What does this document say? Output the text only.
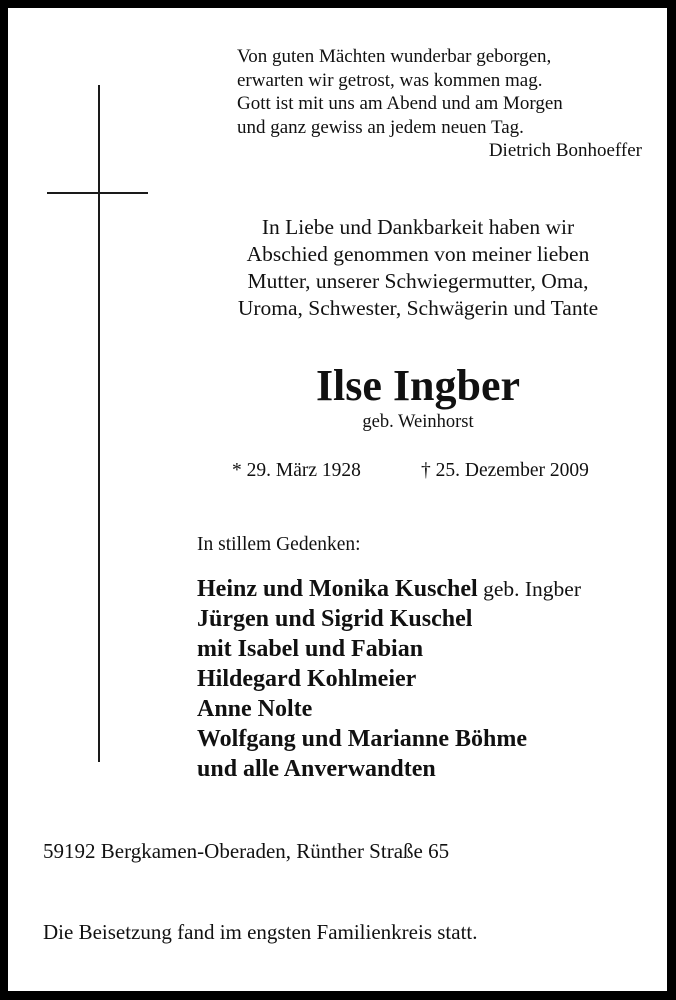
Von guten Mächten wunderbar geborgen,
erwarten wir getrost, was kommen mag.
Gott ist mit uns am Abend und am Morgen
und ganz gewiss an jedem neuen Tag.
Dietrich Bonhoeffer
In Liebe und Dankbarkeit haben wir
Abschied genommen von meiner lieben
Mutter, unserer Schwiegermutter, Oma,
Uroma, Schwester, Schwägerin und Tante
Ilse Ingber
geb. Weinhorst
* 29. März 1928	† 25. Dezember 2009
In stillem Gedenken:
Heinz und Monika Kuschel geb. Ingber
Jürgen und Sigrid Kuschel
mit Isabel und Fabian
Hildegard Kohlmeier
Anne Nolte
Wolfgang und Marianne Böhme
und alle Anverwandten
59192 Bergkamen-Oberaden, Rünther Straße 65
Die Beisetzung fand im engsten Familienkreis statt.
